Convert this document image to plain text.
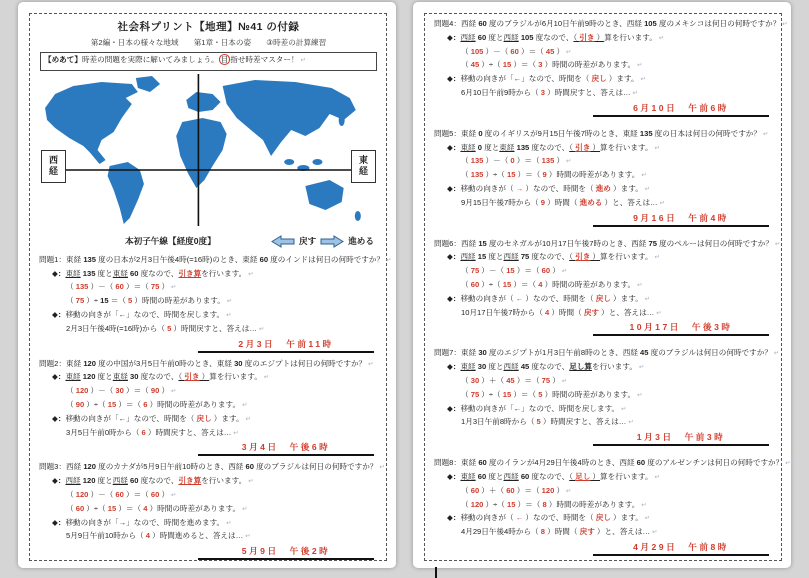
社会科プリント【地理】№41 の付録
第2編・日本の様々な地域　　第1章・日本の姿　　③時差の計算練習
【めあて】時差の問題を実際に解いてみましょう。 目 指せ時差マスター！ ↵
西経
東経
本初子午線【経度0度】	戻す	進める
問題1：東経 135 度の日本が2月3日午後4時(=16時)のとき、東経 60 度のインドは何日の何時ですか？ ↵
◆：東経 135 度と東経 60 度なので、引き算を行います。 ↵
（ 135 ）－（ 60 ）＝（ 75 ） ↵
（ 75 ）÷ 15 ＝（ 5 ）時間の時差があります。 ↵
◆：移動の向きが「←」なので、時間を戻します。 ↵
2月3日午後4時(=16時)から（ 5 ）時間戻すと、答えは… ↵
2月3日　午前11時
問題2：東経 120 度の中国が3月5日午前0時のとき、東経 30 度のエジプトは何日の何時ですか？ ↵
◆：東経 120 度と東経 30 度なので、（ 引き ）算を行います。 ↵
（ 120 ）－（ 30 ）＝（ 90 ） ↵
（ 90 ）÷（ 15 ）＝（ 6 ）時間の時差があります。 ↵
◆：移動の向きが「←」なので、時間を（ 戻し ）ます。 ↵
3月5日午前0時から（ 6 ）時間戻すと、答えは… ↵
3月4日　午後6時
問題3：西経 120 度のカナダが5月9日午前10時のとき、西経 60 度のブラジルは何日の何時ですか？ ↵
◆：西経 120 度と西経 60 度なので、引き算を行います。 ↵
（ 120 ）－（ 60 ）＝（ 60 ） ↵
（ 60 ）÷（ 15 ）＝（ 4 ）時間の時差があります。 ↵
◆：移動の向きが「→」なので、時間を進めます。 ↵
5月9日午前10時から（ 4 ）時間進めると、答えは… ↵
5月9日　午後2時
問題4：西経 60 度のブラジルが6月10日午前9時のとき、西経 105 度のメキシコは何日の何時ですか？ ↵
◆：西経 60 度と西経 105 度なので、（ 引き ）算を行います。 ↵
（ 105 ）－（ 60 ）＝（ 45 ） ↵
（ 45 ）÷（ 15 ）＝（ 3 ）時間の時差があります。 ↵
◆：移動の向きが「←」なので、時間を（ 戻し ）ます。 ↵
6月10日午前9時から（ 3 ）時間戻すと、答えは… ↵
6月10日　午前6時
問題5：東経 0 度のイギリスが9月15日午後7時のとき、東経 135 度の日本は何日の何時ですか？ ↵
◆：東経 0 度と東経 135 度なので、（ 引き ）算を行います。 ↵
（ 135 ）－（ 0 ）＝（ 135 ） ↵
（ 135 ）÷（ 15 ）＝（ 9 ）時間の時差があります。 ↵
◆：移動の向きが（ → ）なので、時間を（ 進め ）ます。 ↵
9月15日午後7時から（ 9 ）時間（ 進める ）と、答えは… ↵
9月16日　午前4時
問題6：西経 15 度のセネガルが10月17日午後7時のとき、西経 75 度のペルーは何日の何時ですか？ ↵
◆：西経 15 度と西経 75 度なので、（ 引き ）算を行います。 ↵
（ 75 ）－（ 15 ）＝（ 60 ） ↵
（ 60 ）÷（ 15 ）＝（ 4 ）時間の時差があります。 ↵
◆：移動の向きが（ ← ）なので、時間を（ 戻し ）ます。 ↵
10月17日午後7時から（ 4 ）時間（ 戻す ）と、答えは… ↵
10月17日　午後3時
問題7：東経 30 度のエジプトが1月3日午前8時のとき、西経 45 度のブラジルは何日の何時ですか？ ↵
◆：東経 30 度と西経 45 度なので、足し算を行います。 ↵
（ 30 ）＋（ 45 ）＝（ 75 ） ↵
（ 75 ）÷（ 15 ）＝（ 5 ）時間の時差があります。 ↵
◆：移動の向きが「←」なので、時間を戻します。 ↵
1月3日午前8時から（ 5 ）時間戻すと、答えは… ↵
1月3日　午前3時
問題8：東経 60 度のイランが4月29日午後4時のとき、西経 60 度のアルゼンチンは何日の何時ですか？ ↵
◆：東経 60 度と西経 60 度なので、（ 足し ）算を行います。 ↵
（ 60 ）＋（ 60 ）＝（ 120 ） ↵
（ 120 ）÷（ 15 ）＝（ 8 ）時間の時差があります。 ↵
◆：移動の向きが（ ← ）なので、時間を（ 戻し ）ます。 ↵
4月29日午後4時から（ 8 ）時間（ 戻す ）と、答えは… ↵
4月29日　午前8時
